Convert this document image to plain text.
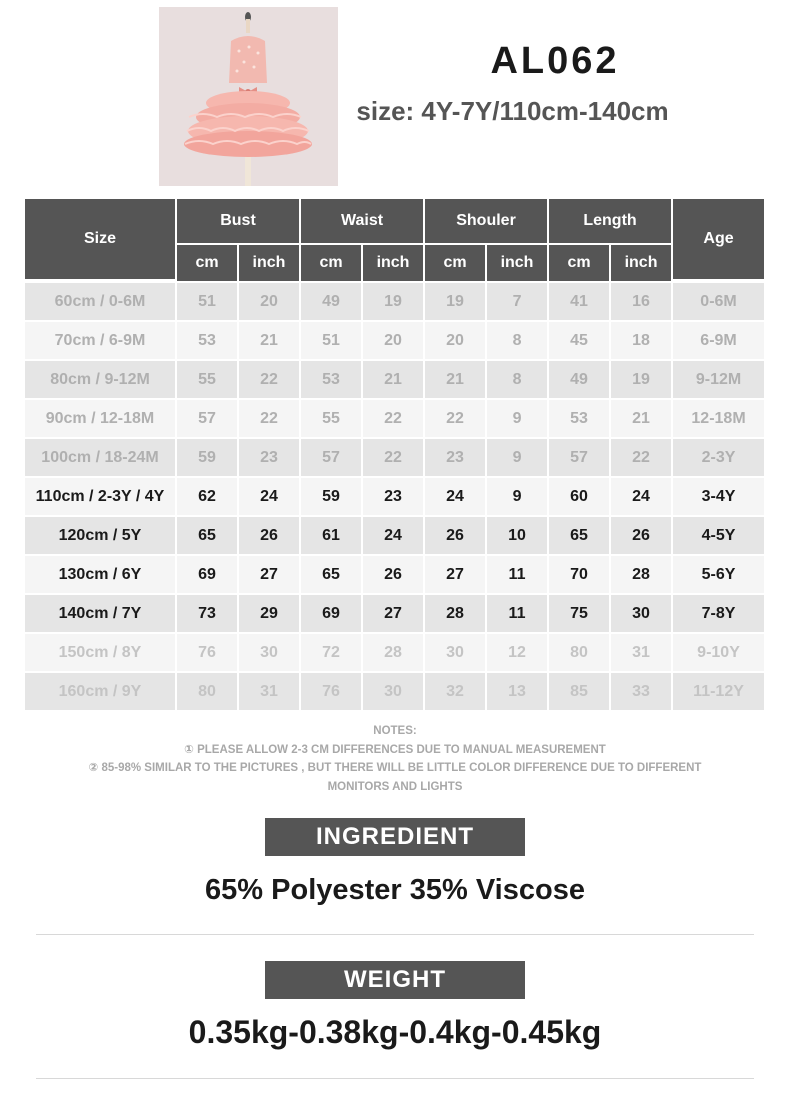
AL062
size: 4Y-7Y/110cm-140cm
Size	Bust		Waist		Shouler		Length		Age
	cm	inch	cm	inch	cm	inch	cm	inch	
60cm / 0-6M	51	20	49	19	19	7	41	16	0-6M
70cm / 6-9M	53	21	51	20	20	8	45	18	6-9M
80cm / 9-12M	55	22	53	21	21	8	49	19	9-12M
90cm / 12-18M	57	22	55	22	22	9	53	21	12-18M
100cm / 18-24M	59	23	57	22	23	9	57	22	2-3Y
110cm / 2-3Y / 4Y	62	24	59	23	24	9	60	24	3-4Y
120cm / 5Y	65	26	61	24	26	10	65	26	4-5Y
130cm / 6Y	69	27	65	26	27	11	70	28	5-6Y
140cm / 7Y	73	29	69	27	28	11	75	30	7-8Y
150cm / 8Y	76	30	72	28	30	12	80	31	9-10Y
160cm / 9Y	80	31	76	30	32	13	85	33	11-12Y
NOTES:
① PLEASE ALLOW 2-3 CM DIFFERENCES DUE TO MANUAL MEASUREMENT
② 85-98% SIMILAR TO THE PICTURES , BUT THERE WILL BE LITTLE COLOR DIFFERENCE DUE TO DIFFERENT
MONITORS AND LIGHTS
INGREDIENT
65% Polyester 35% Viscose
WEIGHT
0.35kg-0.38kg-0.4kg-0.45kg
